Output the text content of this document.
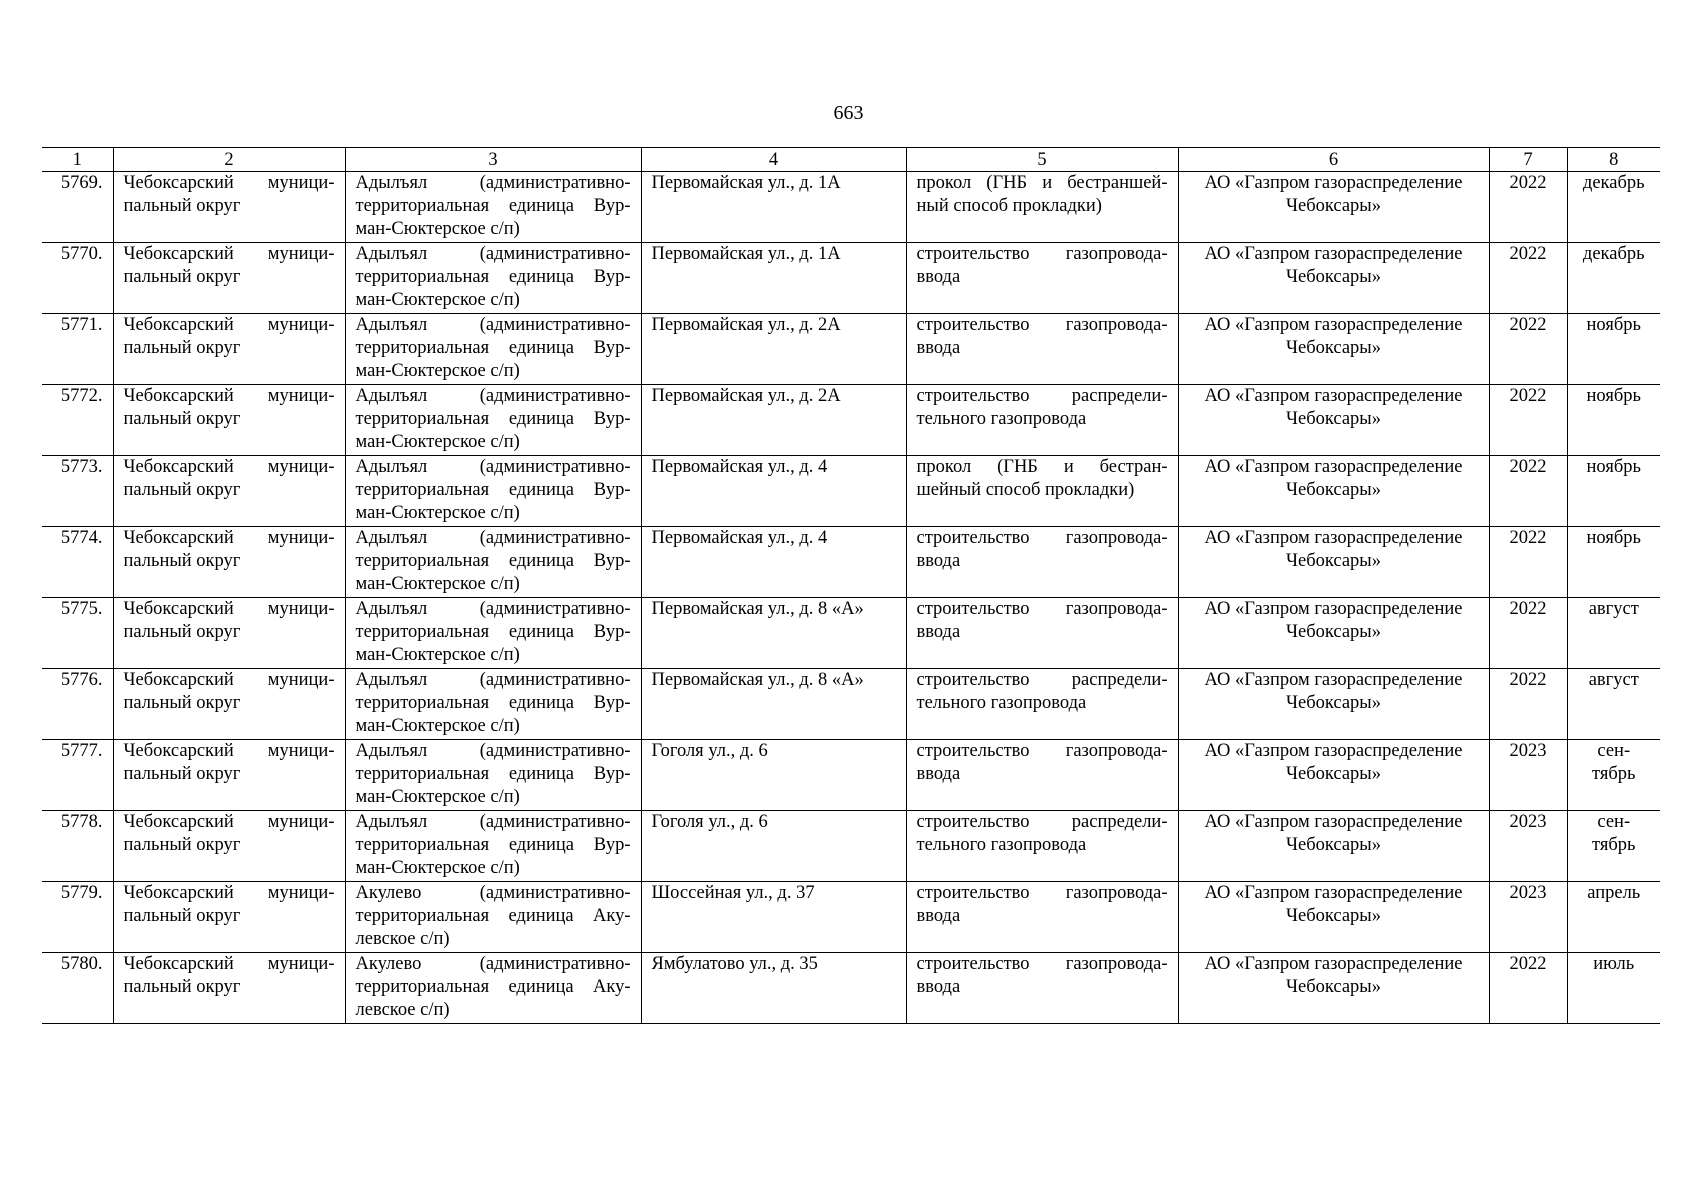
663
1	2	3	4	5	6	7	8
5769.	Чебоксарский муници-пальный округ	Адылъял (административно-территориальная единица Вур-ман-Сюктерское с/п)	Первомайская ул., д. 1А	прокол (ГНБ и бестраншей-ный способ прокладки)	АО «Газпром газораспределение Чебоксары»	2022	декабрь
5770.	Чебоксарский муници-пальный округ	Адылъял (административно-территориальная единица Вур-ман-Сюктерское с/п)	Первомайская ул., д. 1А	строительство газопровода-ввода	АО «Газпром газораспределение Чебоксары»	2022	декабрь
5771.	Чебоксарский муници-пальный округ	Адылъял (административно-территориальная единица Вур-ман-Сюктерское с/п)	Первомайская ул., д. 2А	строительство газопровода-ввода	АО «Газпром газораспределение Чебоксары»	2022	ноябрь
5772.	Чебоксарский муници-пальный округ	Адылъял (административно-территориальная единица Вур-ман-Сюктерское с/п)	Первомайская ул., д. 2А	строительство распредели-тельного газопровода	АО «Газпром газораспределение Чебоксары»	2022	ноябрь
5773.	Чебоксарский муници-пальный округ	Адылъял (административно-территориальная единица Вур-ман-Сюктерское с/п)	Первомайская ул., д. 4	прокол (ГНБ и бестран-шейный способ прокладки)	АО «Газпром газораспределение Чебоксары»	2022	ноябрь
5774.	Чебоксарский муници-пальный округ	Адылъял (административно-территориальная единица Вур-ман-Сюктерское с/п)	Первомайская ул., д. 4	строительство газопровода-ввода	АО «Газпром газораспределение Чебоксары»	2022	ноябрь
5775.	Чебоксарский муници-пальный округ	Адылъял (административно-территориальная единица Вур-ман-Сюктерское с/п)	Первомайская ул., д. 8 «А»	строительство газопровода-ввода	АО «Газпром газораспределение Чебоксары»	2022	август
5776.	Чебоксарский муници-пальный округ	Адылъял (административно-территориальная единица Вур-ман-Сюктерское с/п)	Первомайская ул., д. 8 «А»	строительство распредели-тельного газопровода	АО «Газпром газораспределение Чебоксары»	2022	август
5777.	Чебоксарский муници-пальный округ	Адылъял (административно-территориальная единица Вур-ман-Сюктерское с/п)	Гоголя ул., д. 6	строительство газопровода-ввода	АО «Газпром газораспределение Чебоксары»	2023	сен-тябрь
5778.	Чебоксарский муници-пальный округ	Адылъял (административно-территориальная единица Вур-ман-Сюктерское с/п)	Гоголя ул., д. 6	строительство распредели-тельного газопровода	АО «Газпром газораспределение Чебоксары»	2023	сен-тябрь
5779.	Чебоксарский муници-пальный округ	Акулево (административно-территориальная единица Аку-левское с/п)	Шоссейная ул., д. 37	строительство газопровода-ввода	АО «Газпром газораспределение Чебоксары»	2023	апрель
5780.	Чебоксарский муници-пальный округ	Акулево (административно-территориальная единица Аку-левское с/п)	Ямбулатово ул., д. 35	строительство газопровода-ввода	АО «Газпром газораспределение Чебоксары»	2022	июль
